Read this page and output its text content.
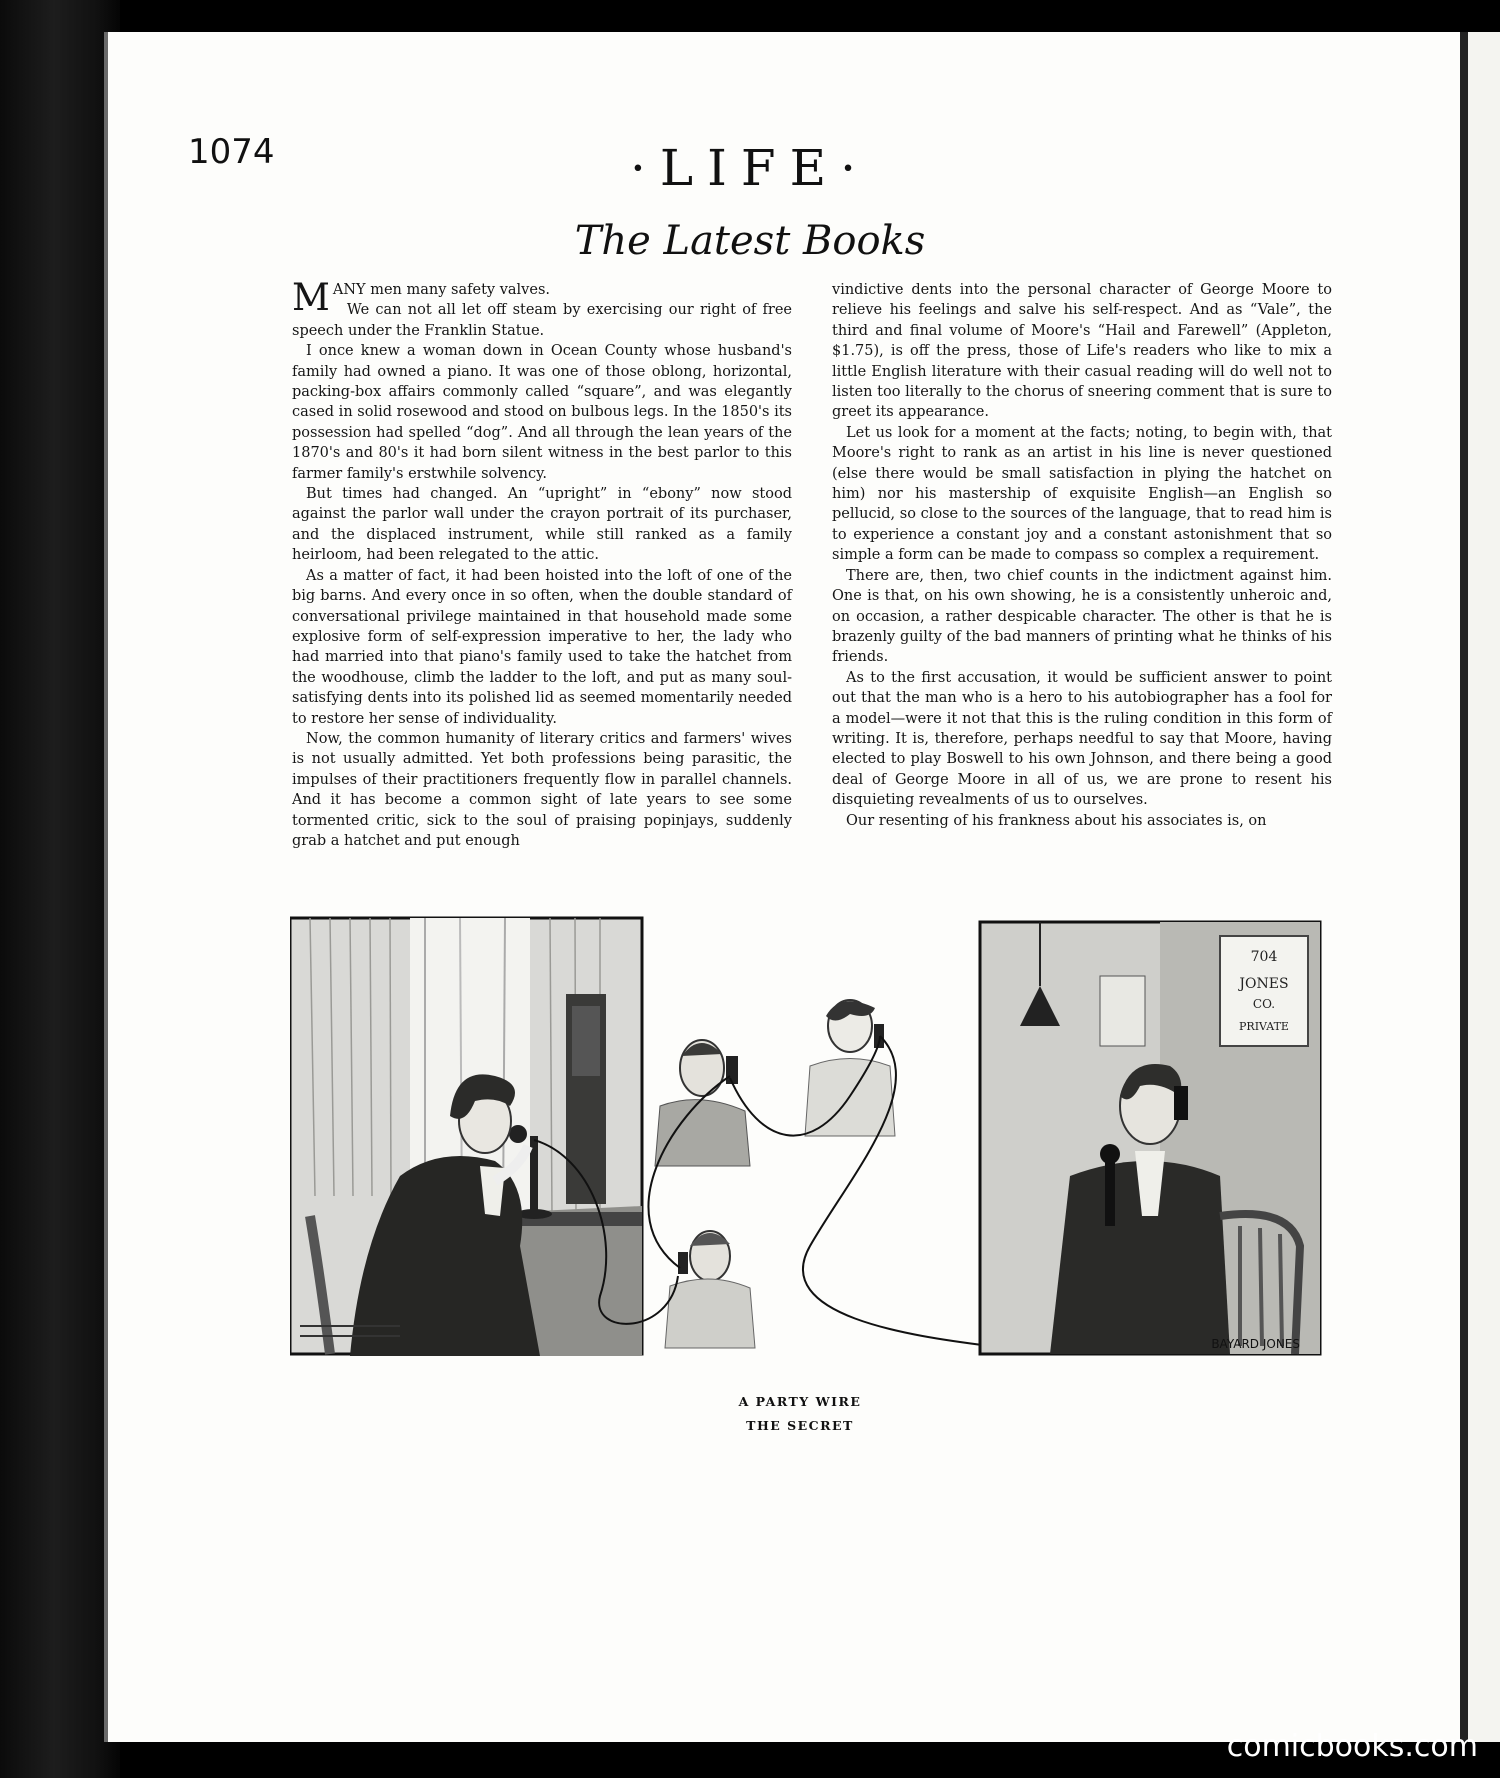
1074	·LIFE·
The Latest Books

MANY men many safety valves.

We can not all let off steam by exercising our right of free speech under the Franklin Statue.

I once knew a woman down in Ocean County whose husband's family had owned a piano. It was one of those oblong, horizontal, packing-box affairs commonly called “square”, and was elegantly cased in solid rosewood and stood on bulbous legs. In the 1850's its possession had spelled “dog”. And all through the lean years of the 1870's and 80's it had born silent witness in the best parlor to this farmer family's erstwhile solvency.

But times had changed. An “upright” in “ebony” now stood against the parlor wall under the crayon portrait of its purchaser, and the displaced instrument, while still ranked as a family heirloom, had been relegated to the attic.

As a matter of fact, it had been hoisted into the loft of one of the big barns. And every once in so often, when the double standard of conversational privilege maintained in that household made some explosive form of self-expression imperative to her, the lady who had married into that piano's family used to take the hatchet from the woodhouse, climb the ladder to the loft, and put as many soul-satisfying dents into its polished lid as seemed momentarily needed to restore her sense of individuality.

Now, the common humanity of literary critics and farmers' wives is not usually admitted. Yet both professions being parasitic, the impulses of their practitioners frequently flow in parallel channels. And it has become a common sight of late years to see some tormented critic, sick to the soul of praising popinjays, suddenly grab a hatchet and put enough

vindictive dents into the personal character of George Moore to relieve his feelings and salve his self-respect. And as “Vale”, the third and final volume of Moore's “Hail and Farewell” (Appleton, $1.75), is off the press, those of Life's readers who like to mix a little English literature with their casual reading will do well not to listen too literally to the chorus of sneering comment that is sure to greet its appearance.

Let us look for a moment at the facts; noting, to begin with, that Moore's right to rank as an artist in his line is never questioned (else there would be small satisfaction in plying the hatchet on him) nor his mastership of exquisite English—an English so pellucid, so close to the sources of the language, that to read him is to experience a constant joy and a constant astonishment that so simple a form can be made to compass so complex a requirement.

There are, then, two chief counts in the indictment against him. One is that, on his own showing, he is a consistently unheroic and, on occasion, a rather despicable character. The other is that he is brazenly guilty of the bad manners of printing what he thinks of his friends.

As to the first accusation, it would be sufficient answer to point out that the man who is a hero to his autobiographer has a fool for a model—were it not that this is the ruling condition in this form of writing. It is, therefore, perhaps needful to say that Moore, having elected to play Boswell to his own Johnson, and there being a good deal of George Moore in all of us, we are prone to resent his disquieting revealments of us to ourselves.

Our resenting of his frankness about his associates is, on

704
JONES
CO.
PRIVATE
BAYARD JONES
A PARTY WIRE
THE SECRET
comicbooks.com
